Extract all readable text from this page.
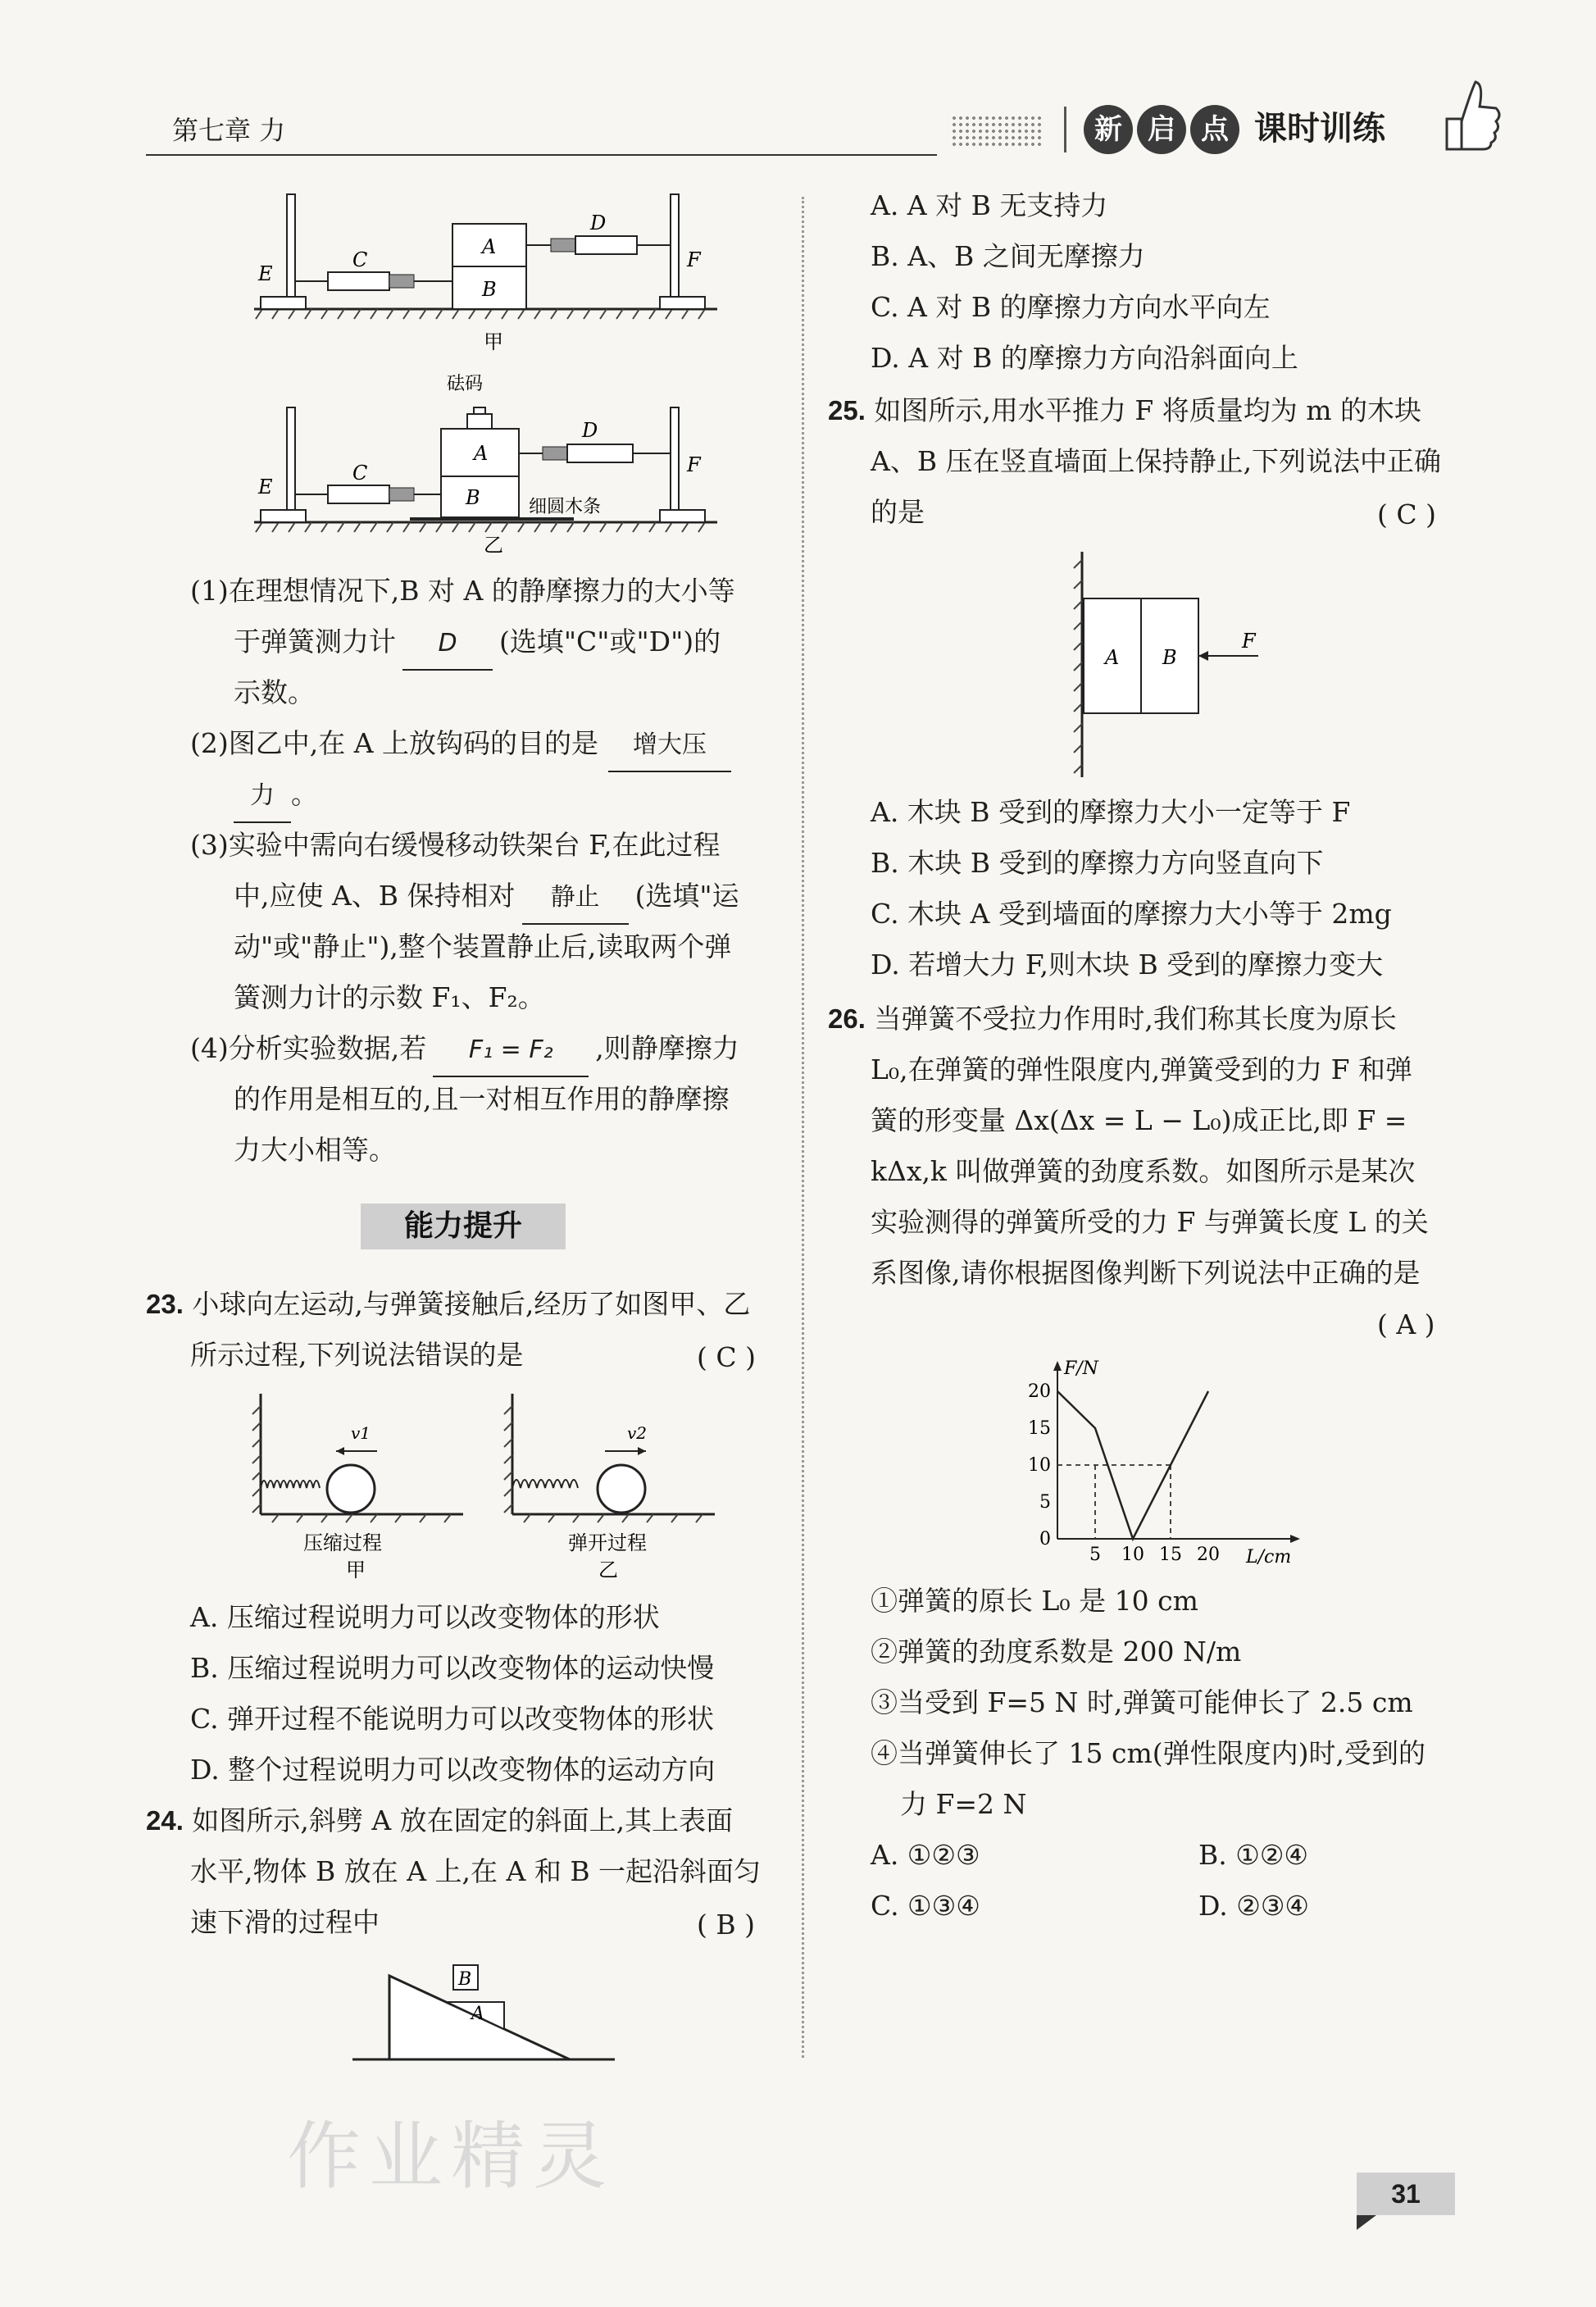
第七章 力	新 启 点 课时训练
E
C
A
B
D
F
甲
砝码
E
C
A
B
D
F
细圆木条
乙
(1)在理想情况下,B 对 A 的静摩擦力的大小等
于弹簧测力计 D (选填"C"或"D")的
示数。
(2)图乙中,在 A 上放钩码的目的是 增大压
力 。
(3)实验中需向右缓慢移动铁架台 F,在此过程
中,应使 A、B 保持相对 静止 (选填"运
动"或"静止"),整个装置静止后,读取两个弹
簧测力计的示数 F₁、F₂。
(4)分析实验数据,若 F₁ = F₂ ,则静摩擦力
的作用是相互的,且一对相互作用的静摩擦
力大小相等。
能力提升
23. 小球向左运动,与弹簧接触后,经历了如图甲、乙
所示过程,下列说法错误的是	( C )
v1
压缩过程
甲
v2
弹开过程
乙
A. 压缩过程说明力可以改变物体的形状
B. 压缩过程说明力可以改变物体的运动快慢
C. 弹开过程不能说明力可以改变物体的形状
D. 整个过程说明力可以改变物体的运动方向
24. 如图所示,斜劈 A 放在固定的斜面上,其上表面
水平,物体 B 放在 A 上,在 A 和 B 一起沿斜面匀
速下滑的过程中	( B )
B
A
A. A 对 B 无支持力
B. A、B 之间无摩擦力
C. A 对 B 的摩擦力方向水平向左
D. A 对 B 的摩擦力方向沿斜面向上
25. 如图所示,用水平推力 F 将质量均为 m 的木块
A、B 压在竖直墙面上保持静止,下列说法中正确
的是	( C )
A B
F
A. 木块 B 受到的摩擦力大小一定等于 F
B. 木块 B 受到的摩擦力方向竖直向下
C. 木块 A 受到墙面的摩擦力大小等于 2mg
D. 若增大力 F,则木块 B 受到的摩擦力变大
26. 当弹簧不受拉力作用时,我们称其长度为原长
L₀,在弹簧的弹性限度内,弹簧受到的力 F 和弹
簧的形变量 Δx(Δx = L − L₀)成正比,即 F =
kΔx,k 叫做弹簧的劲度系数。如图所示是某次
实验测得的弹簧所受的力 F 与弹簧长度 L 的关
系图像,请你根据图像判断下列说法中正确的是
( A )
F/N
L/cm
0
5
10
15
20
5 10 15 20
①弹簧的原长 L₀ 是 10 cm
②弹簧的劲度系数是 200 N/m
③当受到 F=5 N 时,弹簧可能伸长了 2.5 cm
④当弹簧伸长了 15 cm(弹性限度内)时,受到的
力 F=2 N
A. ①②③	B. ①②④
C. ①③④	D. ②③④
作业精灵	31
